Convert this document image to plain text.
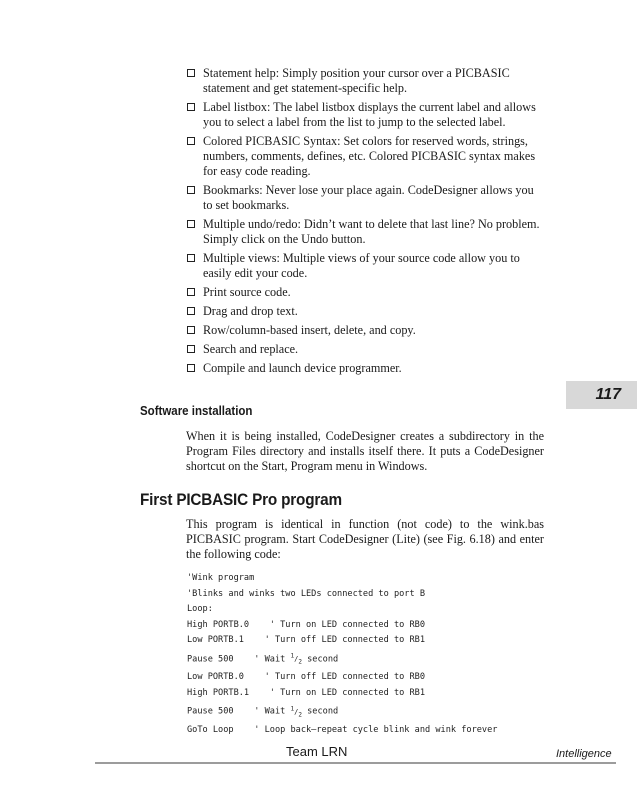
Statement help: Simply position your cursor over a PICBASIC statement and get statement-specific help.
Label listbox: The label listbox displays the current label and allows you to select a label from the list to jump to the selected label.
Colored PICBASIC Syntax: Set colors for reserved words, strings, numbers, comments, defines, etc. Colored PICBASIC syntax makes for easy code reading.
Bookmarks: Never lose your place again. CodeDesigner allows you to set bookmarks.
Multiple undo/redo: Didn’t want to delete that last line? No problem. Simply click on the Undo button.
Multiple views: Multiple views of your source code allow you to easily edit your code.
Print source code.
Drag and drop text.
Row/column-based insert, delete, and copy.
Search and replace.
Compile and launch device programmer.
117
Software installation

When it is being installed, CodeDesigner creates a subdirectory in the Program Files directory and installs itself there. It puts a CodeDesigner shortcut on the Start, Program menu in Windows.

First PICBASIC Pro program

This program is identical in function (not code) to the wink.bas PICBASIC program. Start CodeDesigner (Lite) (see Fig. 6.18) and enter the following code:

'Wink program
'Blinks and winks two LEDs connected to port B
Loop:
High PORTB.0    ' Turn on LED connected to RB0
Low PORTB.1    ' Turn off LED connected to RB1
Pause 500    ' Wait $^1/_2$ second
Low PORTB.0    ' Turn off LED connected to RB0
High PORTB.1    ' Turn on LED connected to RB1
Pause 500    ' Wait $^1/_2$ second
GoTo Loop    ' Loop back—repeat cycle blink and wink forever
Team LRN	Intelligence
